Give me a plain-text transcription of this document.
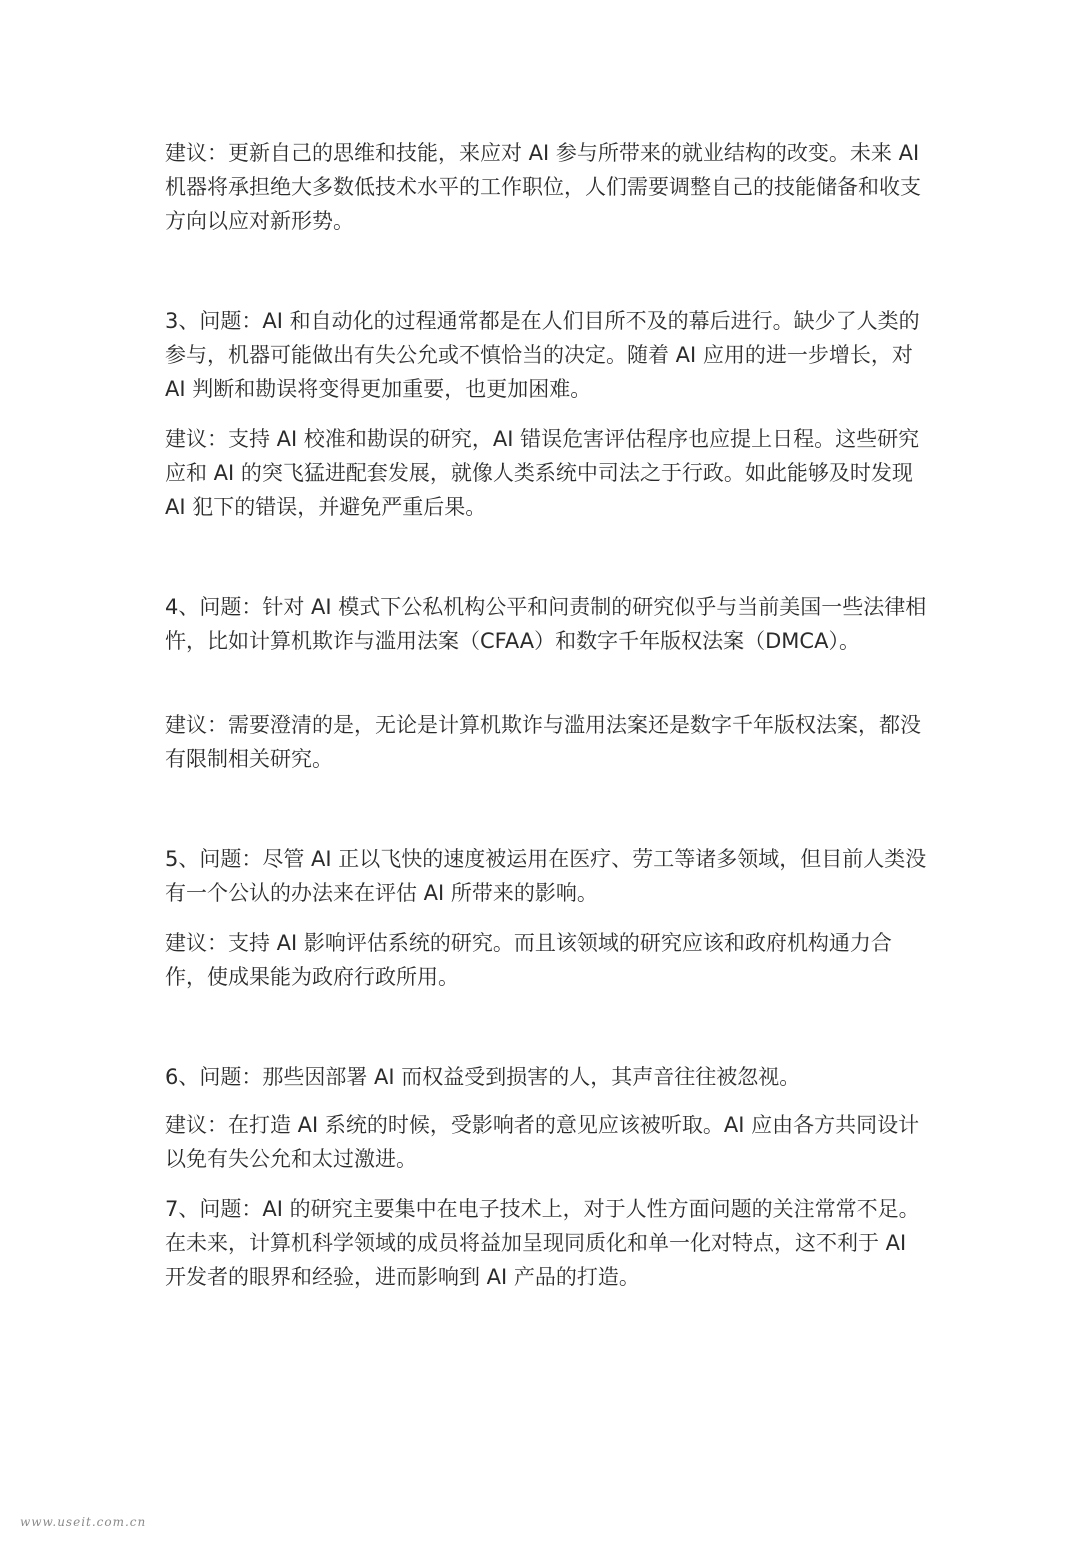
建议：更新自己的思维和技能，来应对 AI 参与所带来的就业结构的改变。未来 AI 机器将承担绝大多数低技术水平的工作职位，人们需要调整自己的技能储备和收支方向以应对新形势。

3、问题：AI 和自动化的过程通常都是在人们目所不及的幕后进行。缺少了人类的参与，机器可能做出有失公允或不慎恰当的决定。随着 AI 应用的进一步增长，对 AI 判断和勘误将变得更加重要，也更加困难。

建议：支持 AI 校准和勘误的研究，AI 错误危害评估程序也应提上日程。这些研究应和 AI 的突飞猛进配套发展，就像人类系统中司法之于行政。如此能够及时发现 AI 犯下的错误，并避免严重后果。

4、问题：针对 AI 模式下公私机构公平和问责制的研究似乎与当前美国一些法律相忤，比如计算机欺诈与滥用法案（CFAA）和数字千年版权法案（DMCA）。

建议：需要澄清的是，无论是计算机欺诈与滥用法案还是数字千年版权法案，都没有限制相关研究。

5、问题：尽管 AI 正以飞快的速度被运用在医疗、劳工等诸多领域，但目前人类没有一个公认的办法来在评估 AI 所带来的影响。

建议：支持 AI 影响评估系统的研究。而且该领域的研究应该和政府机构通力合作，使成果能为政府行政所用。

6、问题：那些因部署 AI 而权益受到损害的人，其声音往往被忽视。

建议：在打造 AI 系统的时候，受影响者的意见应该被听取。AI 应由各方共同设计以免有失公允和太过激进。

7、问题：AI 的研究主要集中在电子技术上，对于人性方面问题的关注常常不足。在未来，计算机科学领域的成员将益加呈现同质化和单一化对特点，这不利于 AI 开发者的眼界和经验，进而影响到 AI 产品的打造。

www.useit.com.cn
